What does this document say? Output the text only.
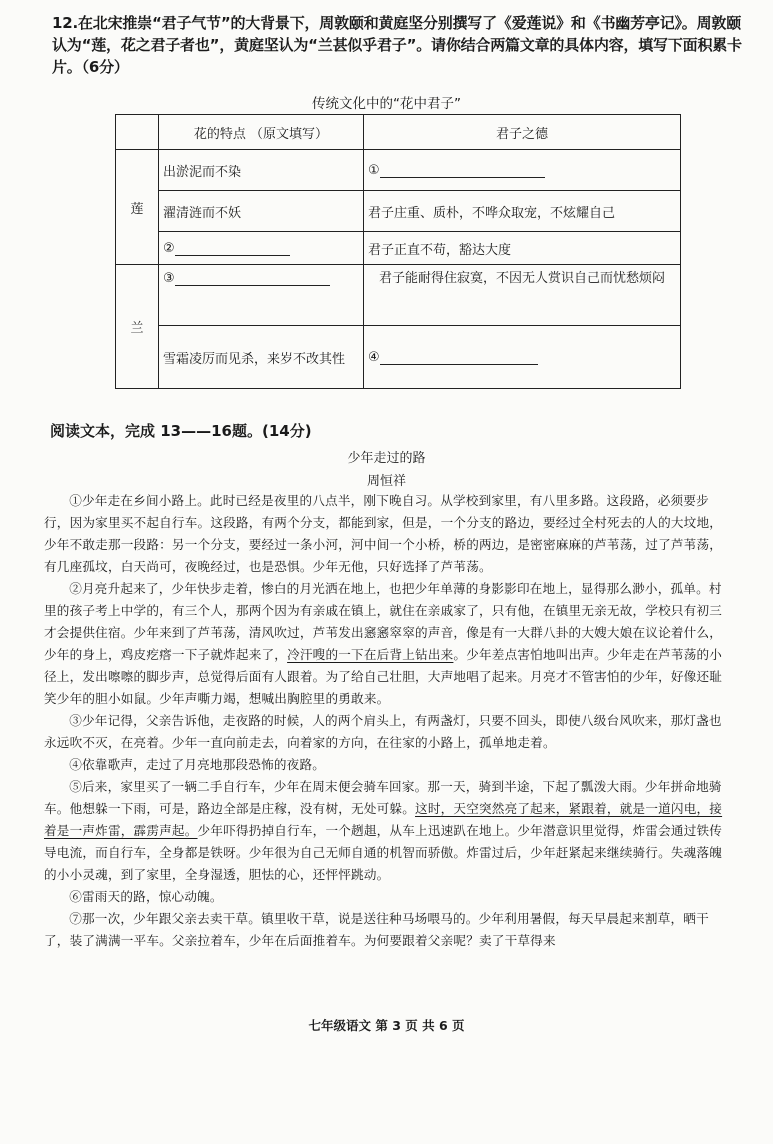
12.在北宋推崇“君子气节”的大背景下，周敦颐和黄庭坚分别撰写了《爱莲说》和《书幽芳亭记》。周敦颐认为“莲，花之君子者也”，黄庭坚认为“兰甚似乎君子”。请你结合两篇文章的具体内容，填写下面积累卡片。（6分）
传统文化中的“花中君子”
	花的特点 （原文填写）	君子之德
莲	出淤泥而不染	①
	濯清涟而不妖	君子庄重、质朴，不哗众取宠，不炫耀自己
	②	君子正直不苟，豁达大度
兰	③	君子能耐得住寂寞，不因无人赏识自己而忧愁烦闷
	雪霜凌厉而见杀，来岁不改其性	④
阅读文本，完成 13——16题。(14分)
少年走过的路
周恒祥

①少年走在乡间小路上。此时已经是夜里的八点半，刚下晚自习。从学校到家里，有八里多路。这段路，必须要步行，因为家里买不起自行车。这段路，有两个分支，都能到家，但是，一个分支的路边，要经过全村死去的人的大坟地，少年不敢走那一段路：另一个分支，要经过一条小河，河中间一个小桥，桥的两边，是密密麻麻的芦苇荡，过了芦苇荡，有几座孤坟，白天尚可，夜晚经过，也是恐惧。少年无他，只好选择了芦苇荡。

②月亮升起来了，少年快步走着，惨白的月光洒在地上，也把少年单薄的身影影印在地上，显得那么渺小，孤单。村里的孩子考上中学的，有三个人，那两个因为有亲戚在镇上，就住在亲戚家了，只有他，在镇里无亲无故，学校只有初三才会提供住宿。少年来到了芦苇荡，清风吹过，芦苇发出窸窸窣窣的声音，像是有一大群八卦的大嫂大娘在议论着什么，少年的身上，鸡皮疙瘩一下子就炸起来了，冷汗嗖的一下在后背上钻出来。少年差点害怕地叫出声。少年走在芦苇荡的小径上，发出嚓嚓的脚步声，总觉得后面有人跟着。为了给自己壮胆，大声地唱了起来。月亮才不管害怕的少年，好像还耻笑少年的胆小如鼠。少年声嘶力竭，想喊出胸腔里的勇敢来。

③少年记得，父亲告诉他，走夜路的时候，人的两个肩头上，有两盏灯，只要不回头，即使八级台风吹来，那灯盏也永远吹不灭，在亮着。少年一直向前走去，向着家的方向，在往家的小路上，孤单地走着。

④依靠歌声，走过了月亮地那段恐怖的夜路。

⑤后来，家里买了一辆二手自行车，少年在周末便会骑车回家。那一天，骑到半途，下起了瓢泼大雨。少年拼命地骑车。他想躲一下雨，可是，路边全部是庄稼，没有树，无处可躲。这时，天空突然亮了起来，紧跟着，就是一道闪电，接着是一声炸雷，霹雳声起。少年吓得扔掉自行车，一个趔趄，从车上迅速趴在地上。少年潜意识里觉得，炸雷会通过铁传导电流，而自行车，全身都是铁呀。少年很为自己无师自通的机智而骄傲。炸雷过后，少年赶紧起来继续骑行。失魂落魄的小小灵魂，到了家里，全身湿透，胆怯的心，还怦怦跳动。

⑥雷雨天的路，惊心动魄。

⑦那一次，少年跟父亲去卖干草。镇里收干草，说是送往种马场喂马的。少年利用暑假，每天早晨起来割草，晒干了，装了满满一平车。父亲拉着车，少年在后面推着车。为何要跟着父亲呢？卖了干草得来

七年级语文 第 3 页 共 6 页
